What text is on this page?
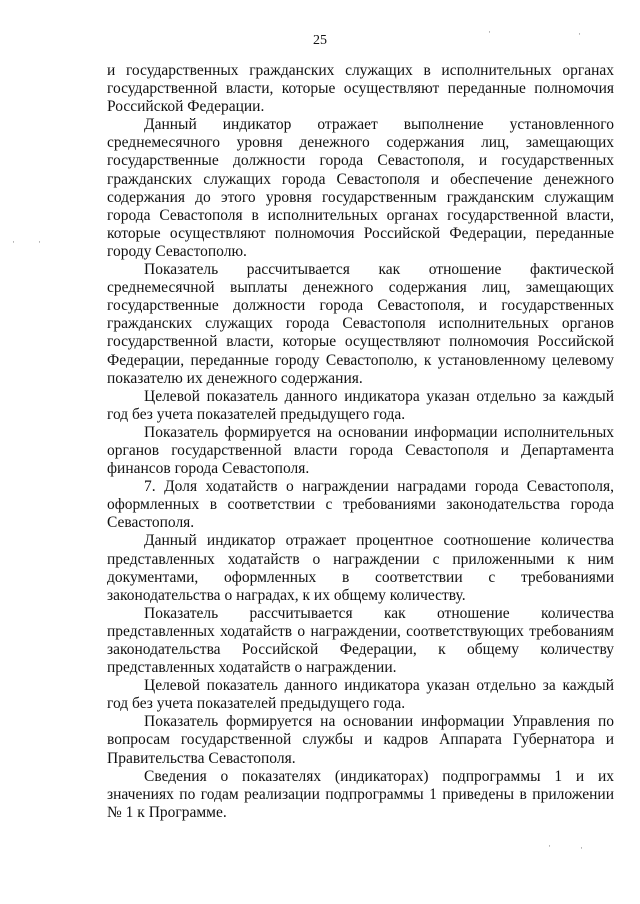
25

и государственных гражданских служащих в исполнительных органах государственной власти, которые осуществляют переданные полномочия Российской Федерации.

Данный индикатор отражает выполнение установленного среднемесячного уровня денежного содержания лиц, замещающих государственные должности города Севастополя, и государственных гражданских служащих города Севастополя и обеспечение денежного содержания до этого уровня государственным гражданским служащим города Севастополя в исполнительных органах государственной власти, которые осуществляют полномочия Российской Федерации, переданные городу Севастополю.

Показатель рассчитывается как отношение фактической среднемесячной выплаты денежного содержания лиц, замещающих государственные должности города Севастополя, и государственных гражданских служащих города Севастополя исполнительных органов государственной власти, которые осуществляют полномочия Российской Федерации, переданные городу Севастополю, к установленному целевому показателю их денежного содержания.

Целевой показатель данного индикатора указан отдельно за каждый год без учета показателей предыдущего года.

Показатель формируется на основании информации исполнительных органов государственной власти города Севастополя и Департамента финансов города Севастополя.

7. Доля ходатайств о награждении наградами города Севастополя, оформленных в соответствии с требованиями законодательства города Севастополя.

Данный индикатор отражает процентное соотношение количества представленных ходатайств о награждении с приложенными к ним документами, оформленных в соответствии с требованиями законодательства о наградах, к их общему количеству.

Показатель рассчитывается как отношение количества представленных ходатайств о награждении, соответствующих требованиям законодательства Российской Федерации, к общему количеству представленных ходатайств о награждении.

Целевой показатель данного индикатора указан отдельно за каждый год без учета показателей предыдущего года.

Показатель формируется на основании информации Управления по вопросам государственной службы и кадров Аппарата Губернатора и Правительства Севастополя.

Сведения о показателях (индикаторах) подпрограммы 1 и их значениях по годам реализации подпрограммы 1 приведены в приложении № 1 к Программе.

·	·
·	·
·	·
